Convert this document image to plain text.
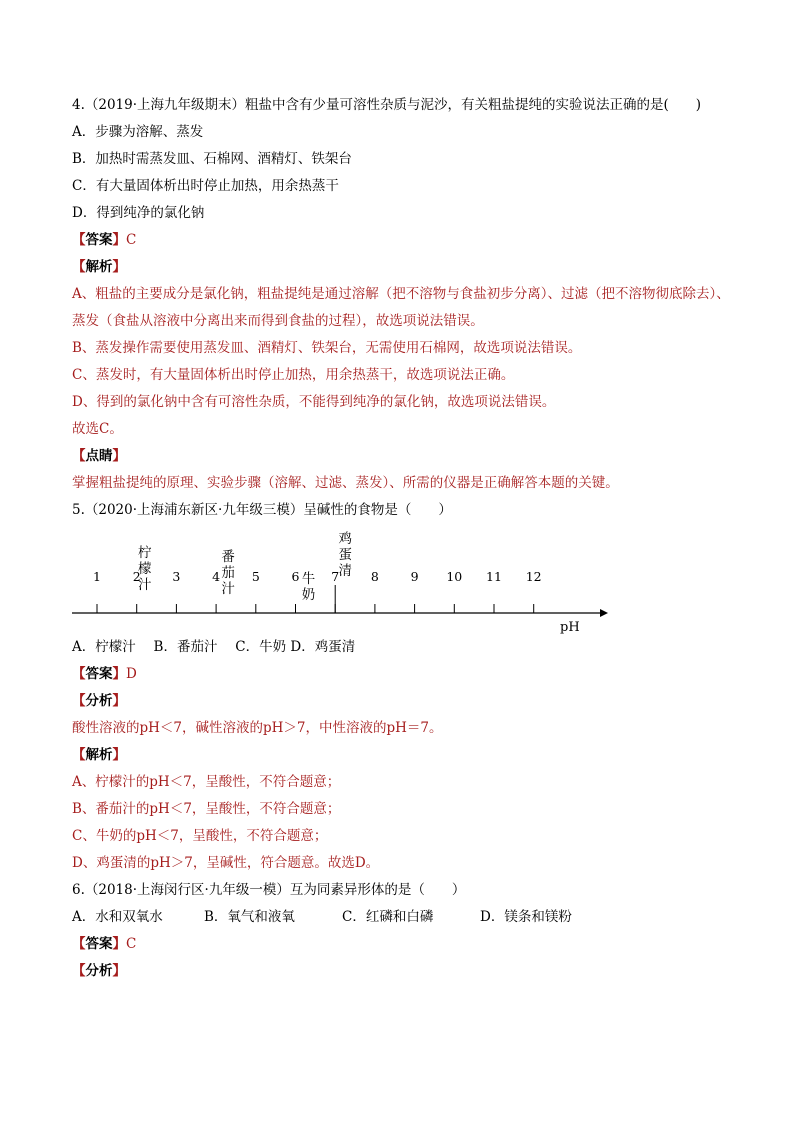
4.（2019·上海九年级期末）粗盐中含有少量可溶性杂质与泥沙，有关粗盐提纯的实验说法正确的是(　　)
A．步骤为溶解、蒸发
B．加热时需蒸发皿、石棉网、酒精灯、铁架台
C．有大量固体析出时停止加热，用余热蒸干
D．得到纯净的氯化钠
【答案】C
【解析】
A、粗盐的主要成分是氯化钠，粗盐提纯是通过溶解（把不溶物与食盐初步分离）、过滤（把不溶物彻底除去）、蒸发（食盐从溶液中分离出来而得到食盐的过程），故选项说法错误。
B、蒸发操作需要使用蒸发皿、酒精灯、铁架台，无需使用石棉网，故选项说法错误。
C、蒸发时，有大量固体析出时停止加热，用余热蒸干，故选项说法正确。
D、得到的氯化钠中含有可溶性杂质，不能得到纯净的氯化钠，故选项说法错误。
故选C。
【点睛】
掌握粗盐提纯的原理、实验步骤（溶解、过滤、蒸发）、所需的仪器是正确解答本题的关键。
5.（2020·上海浦东新区·九年级三模）呈碱性的食物是（　　）
1	2	3	4	5	6	7	8	9	10	11	12
柠
檬
汁
番
茄
汁
牛
奶
鸡
蛋
清
pH
A．柠檬汁　 B．番茄汁　 C．牛奶 D．鸡蛋清
【答案】D
【分析】
酸性溶液的pH＜7，碱性溶液的pH＞7，中性溶液的pH＝7。
【解析】
A、柠檬汁的pH＜7，呈酸性，不符合题意；
B、番茄汁的pH＜7，呈酸性，不符合题意；
C、牛奶的pH＜7，呈酸性，不符合题意；
D、鸡蛋清的pH＞7，呈碱性，符合题意。故选D。
6.（2018·上海闵行区·九年级一模）互为同素异形体的是（　　）
A．水和双氧水	B．氧气和液氧	C．红磷和白磷	D．镁条和镁粉
【答案】C
【分析】
